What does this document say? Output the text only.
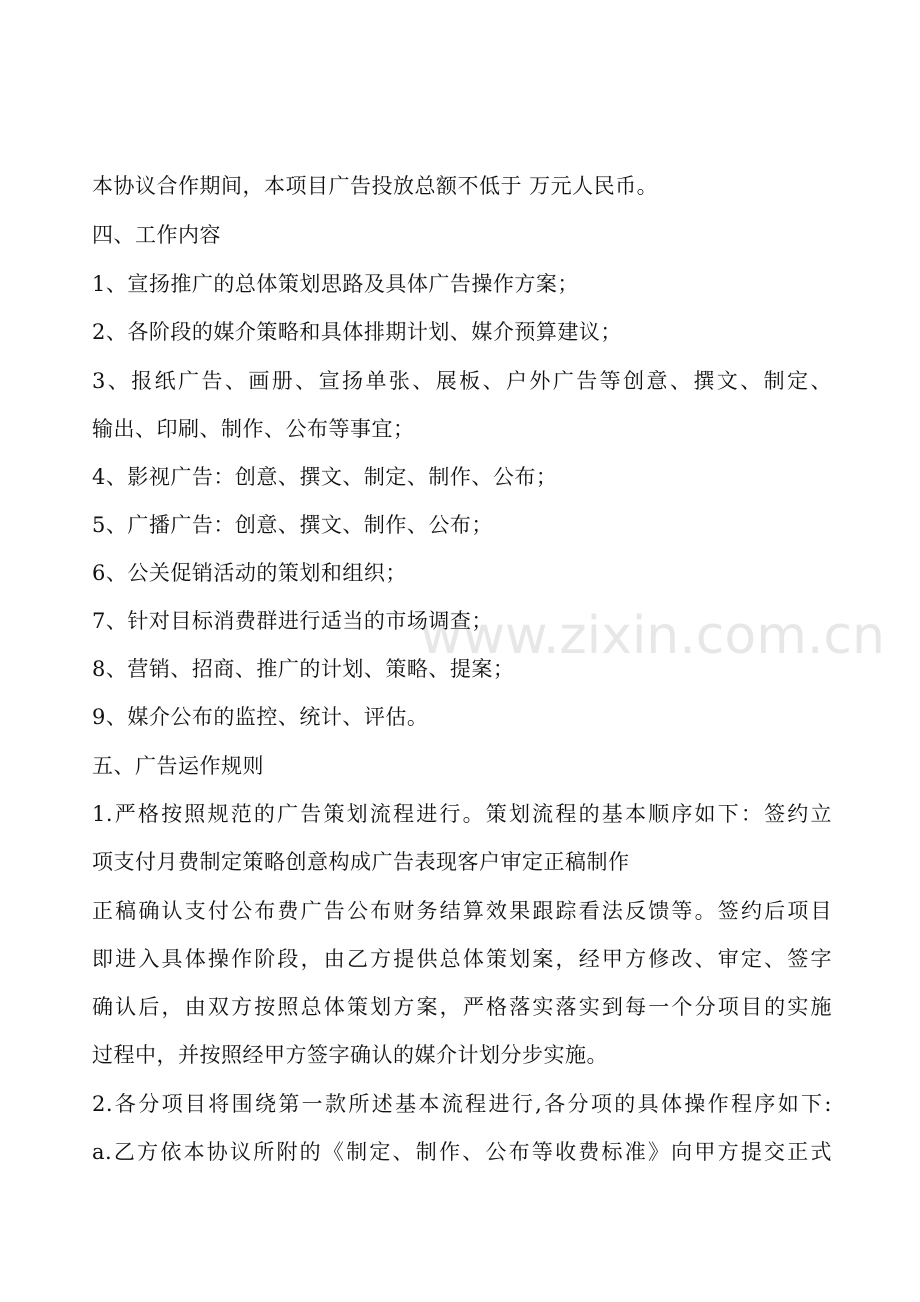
本协议合作期间，本项目广告投放总额不低于 万元人民币。
四、工作内容
1、宣扬推广的总体策划思路及具体广告操作方案；
2、各阶段的媒介策略和具体排期计划、媒介预算建议；
3、报纸广告、画册、宣扬单张、展板、户外广告等创意、撰文、制定、
输出、印刷、制作、公布等事宜；
4、影视广告：创意、撰文、制定、制作、公布；
5、广播广告：创意、撰文、制作、公布；
6、公关促销活动的策划和组织；
7、针对目标消费群进行适当的市场调查；
8、营销、招商、推广的计划、策略、提案；
9、媒介公布的监控、统计、评估。
五、广告运作规则
1.严格按照规范的广告策划流程进行。策划流程的基本顺序如下：签约立
项支付月费制定策略创意构成广告表现客户审定正稿制作
正稿确认支付公布费广告公布财务结算效果跟踪看法反馈等。签约后项目
即进入具体操作阶段，由乙方提供总体策划案，经甲方修改、审定、签字
确认后，由双方按照总体策划方案，严格落实落实到每一个分项目的实施
过程中，并按照经甲方签字确认的媒介计划分步实施。
2.各分项目将围绕第一款所述基本流程进行,各分项的具体操作程序如下:
a.乙方依本协议所附的《制定、制作、公布等收费标准》向甲方提交正式
www.zixin.com.cn
